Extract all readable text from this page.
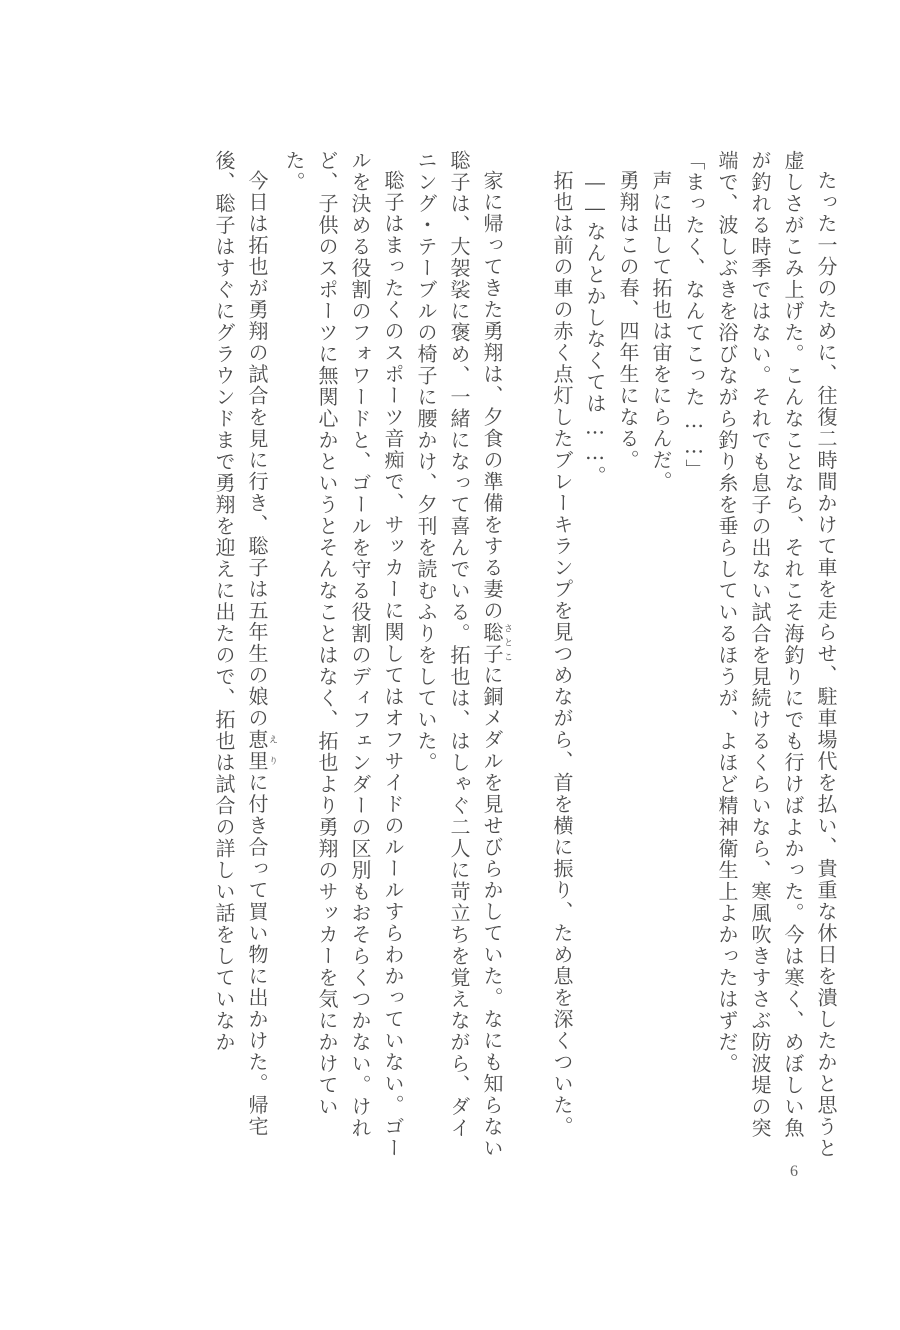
たった一分のために、往復二時間かけて車を走らせ、駐車場代を払い、貴重な休日を潰したかと思うと虚しさがこみ上げた。こんなことなら、それこそ海釣りにでも行けばよかった。今は寒く、めぼしい魚が釣れる時季ではない。それでも息子の出ない試合を見続けるくらいなら、寒風吹きすさぶ防波堤の突端で、波しぶきを浴びながら釣り糸を垂らしているほうが、よほど精神衛生上よかったはずだ。

「まったく、なんてこった……」

声に出して拓也は宙をにらんだ。

勇翔はこの春、四年生になる。

――なんとかしなくては……。

拓也は前の車の赤く点灯したブレーキランプを見つめながら、首を横に振り、ため息を深くついた。

家に帰ってきた勇翔は、夕食の準備をする妻の聡子さとこに銅メダルを見せびらかしていた。なにも知らない聡子は、大袈裟に褒め、一緒になって喜んでいる。拓也は、はしゃぐ二人に苛立ちを覚えながら、ダイニング・テーブルの椅子に腰かけ、夕刊を読むふりをしていた。

聡子はまったくのスポーツ音痴で、サッカーに関してはオフサイドのルールすらわかっていない。ゴールを決める役割のフォワードと、ゴールを守る役割のディフェンダーの区別もおそらくつかない。けれど、子供のスポーツに無関心かというとそんなことはなく、拓也より勇翔のサッカーを気にかけていた。

今日は拓也が勇翔の試合を見に行き、聡子は五年生の娘の恵里えりに付き合って買い物に出かけた。帰宅後、聡子はすぐにグラウンドまで勇翔を迎えに出たので、拓也は試合の詳しい話をしていなか

6
